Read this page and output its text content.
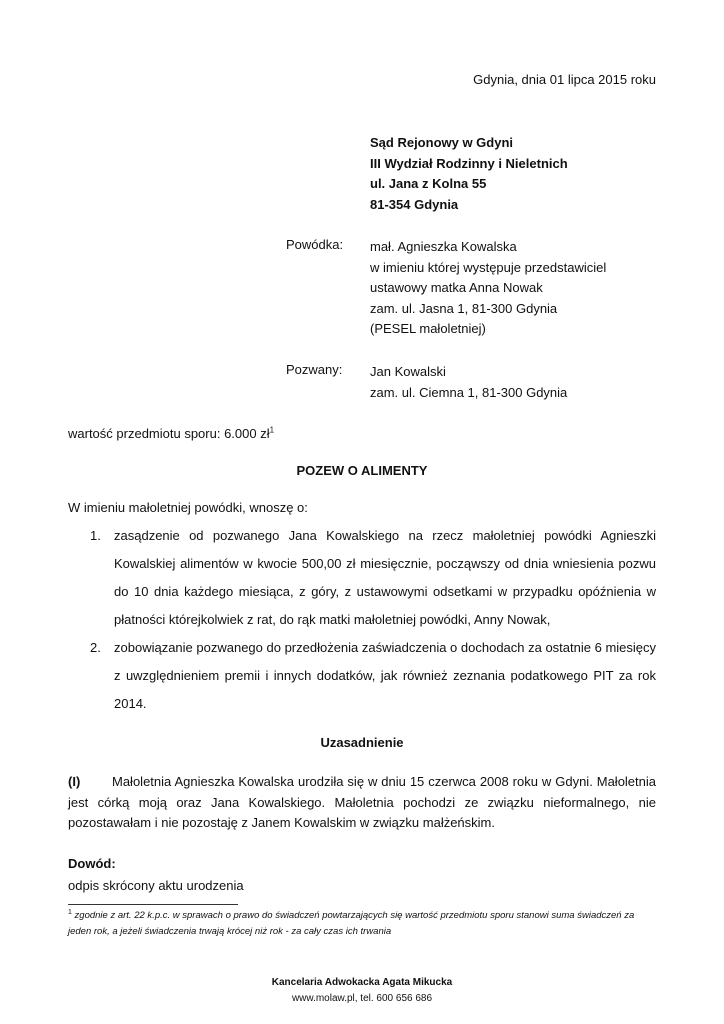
Gdynia, dnia 01 lipca 2015 roku
Sąd Rejonowy w Gdyni
III Wydział Rodzinny i Nieletnich
ul. Jana z Kolna 55
81-354 Gdynia
Powódka: mał. Agnieszka Kowalska
w imieniu której występuje przedstawiciel
ustawowy matka Anna Nowak
zam. ul. Jasna 1, 81-300 Gdynia
(PESEL małoletniej)
Pozwany: Jan Kowalski
zam. ul. Ciemna 1, 81-300 Gdynia
wartość przedmiotu sporu: 6.000 $zł^1$
POZEW O ALIMENTY
W imieniu małoletniej powódki, wnoszę o:
1. zasądzenie od pozwanego Jana Kowalskiego na rzecz małoletniej powódki Agnieszki Kowalskiej alimentów w kwocie 500,00 zł miesięcznie, począwszy od dnia wniesienia pozwu do 10 dnia każdego miesiąca, z góry, z ustawowymi odsetkami w przypadku opóźnienia w płatności którejkolwiek z rat, do rąk matki małoletniej powódki, Anny Nowak,
2. zobowiązanie pozwanego do przedłożenia zaświadczenia o dochodach za ostatnie 6 miesięcy z uwzględnieniem premii i innych dodatków, jak również zeznania podatkowego PIT za rok 2014.
Uzasadnienie
(I) Małoletnia Agnieszka Kowalska urodziła się w dniu 15 czerwca 2008 roku w Gdyni. Małoletnia jest córką moją oraz Jana Kowalskiego. Małoletnia pochodzi ze związku nieformalnego, nie pozostawałam i nie pozostaję z Janem Kowalskim w związku małżeńskim.
Dowód:
odpis skrócony aktu urodzenia
$^1$ zgodnie z art. 22 k.p.c. w sprawach o prawo do świadczeń powtarzających się wartość przedmiotu sporu stanowi suma świadczeń za jeden rok, a jeżeli świadczenia trwają krócej niż rok - za cały czas ich trwania
Kancelaria Adwokacka Agata Mikucka
www.molaw.pl, tel. 600 656 686
